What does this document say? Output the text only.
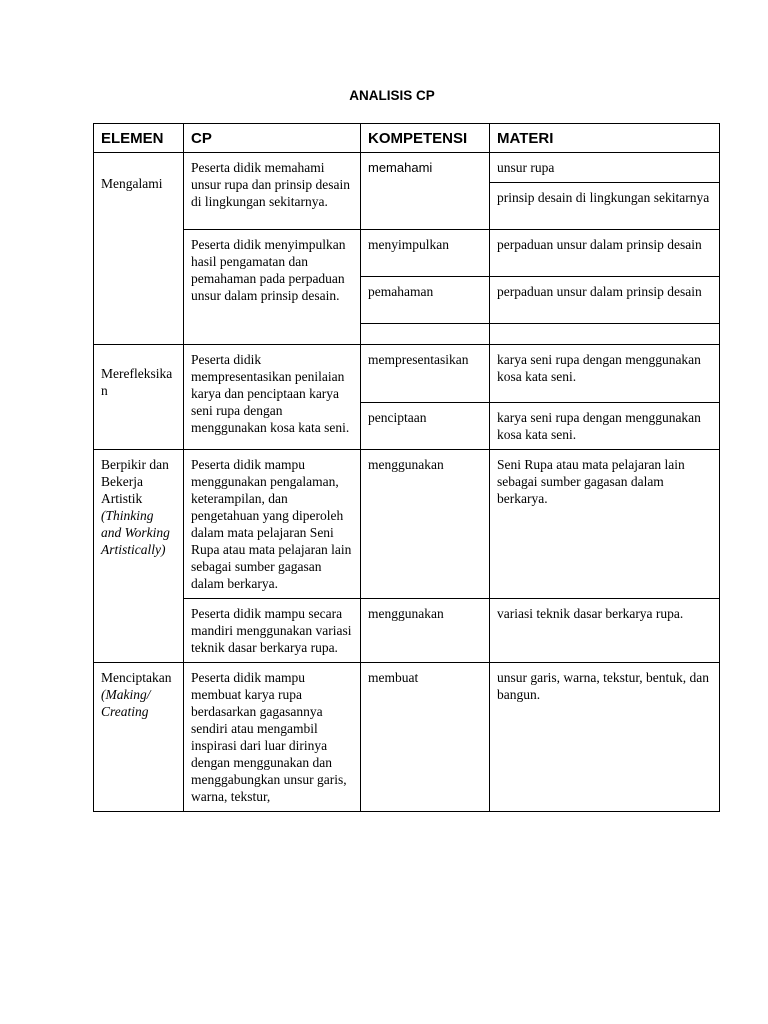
ANALISIS CP
ELEMEN	CP	KOMPETENSI	MATERI
Mengalami	Peserta didik memahami unsur rupa dan prinsip desain di lingkungan sekitarnya.	memahami	unsur rupa
			prinsip desain di lingkungan sekitarnya
	Peserta didik menyimpulkan hasil pengamatan dan pemahaman pada perpaduan unsur dalam prinsip desain.	menyimpulkan	perpaduan unsur dalam prinsip desain
		pemahaman	perpaduan unsur dalam prinsip desain

Merefleksikan	Peserta didik mempresentasikan penilaian karya dan penciptaan karya seni rupa dengan menggunakan kosa kata seni.	mempresentasikan	karya seni rupa dengan menggunakan kosa kata seni.
		penciptaan	karya seni rupa dengan menggunakan kosa kata seni.
Berpikir dan Bekerja Artistik (Thinking and Working Artistically)	Peserta didik mampu menggunakan pengalaman, keterampilan, dan pengetahuan yang diperoleh dalam mata pelajaran Seni Rupa atau mata pelajaran lain sebagai sumber gagasan dalam berkarya.	menggunakan	Seni Rupa atau mata pelajaran lain sebagai sumber gagasan dalam berkarya.
	Peserta didik mampu secara mandiri menggunakan variasi teknik dasar berkarya rupa.	menggunakan	variasi teknik dasar berkarya rupa.
Menciptakan (Making/ Creating	Peserta didik mampu membuat karya rupa berdasarkan gagasannya sendiri atau mengambil inspirasi dari luar dirinya dengan menggunakan dan menggabungkan unsur garis, warna, tekstur,	membuat	unsur garis, warna, tekstur, bentuk, dan bangun.
